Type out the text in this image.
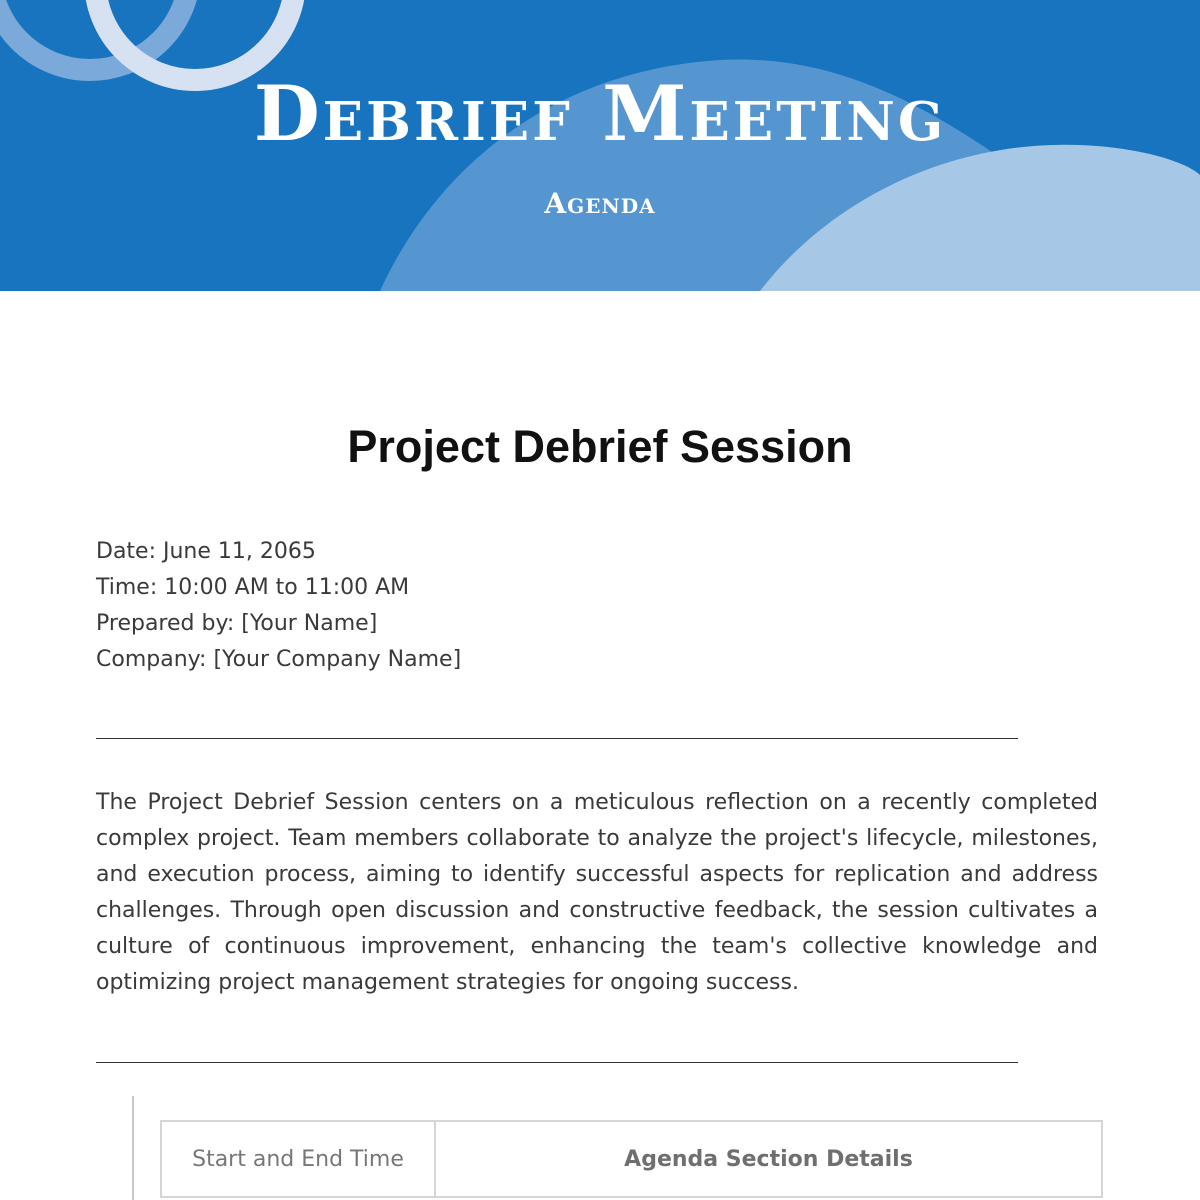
Debrief Meeting
Agenda
Project Debrief Session
Date: June 11, 2065
Time: 10:00 AM to 11:00 AM
Prepared by: [Your Name]
Company: [Your Company Name]

The Project Debrief Session centers on a meticulous reflection on a recently completed complex project. Team members collaborate to analyze the project's lifecycle, milestones, and execution process, aiming to identify successful aspects for replication and address challenges. Through open discussion and constructive feedback, the session cultivates a culture of continuous improvement, enhancing the team's collective knowledge and optimizing project management strategies for ongoing success.

Start and End Time	Agenda Section Details
